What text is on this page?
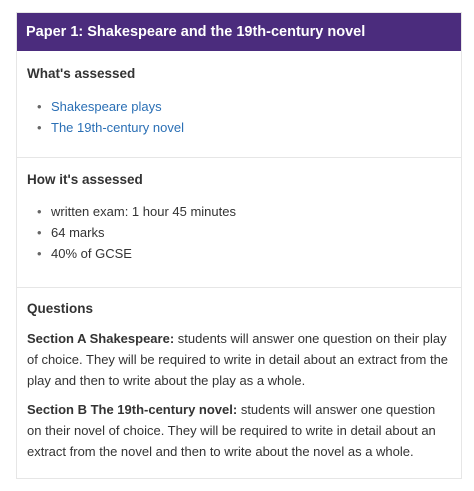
Paper 1: Shakespeare and the 19th-century novel
What's assessed
• Shakespeare plays
• The 19th-century novel
How it's assessed
• written exam: 1 hour 45 minutes
• 64 marks
• 40% of GCSE
Questions

Section A Shakespeare: students will answer one question on their play of choice. They will be required to write in detail about an extract from the play and then to write about the play as a whole.

Section B The 19th-century novel: students will answer one question on their novel of choice. They will be required to write in detail about an extract from the novel and then to write about the novel as a whole.
